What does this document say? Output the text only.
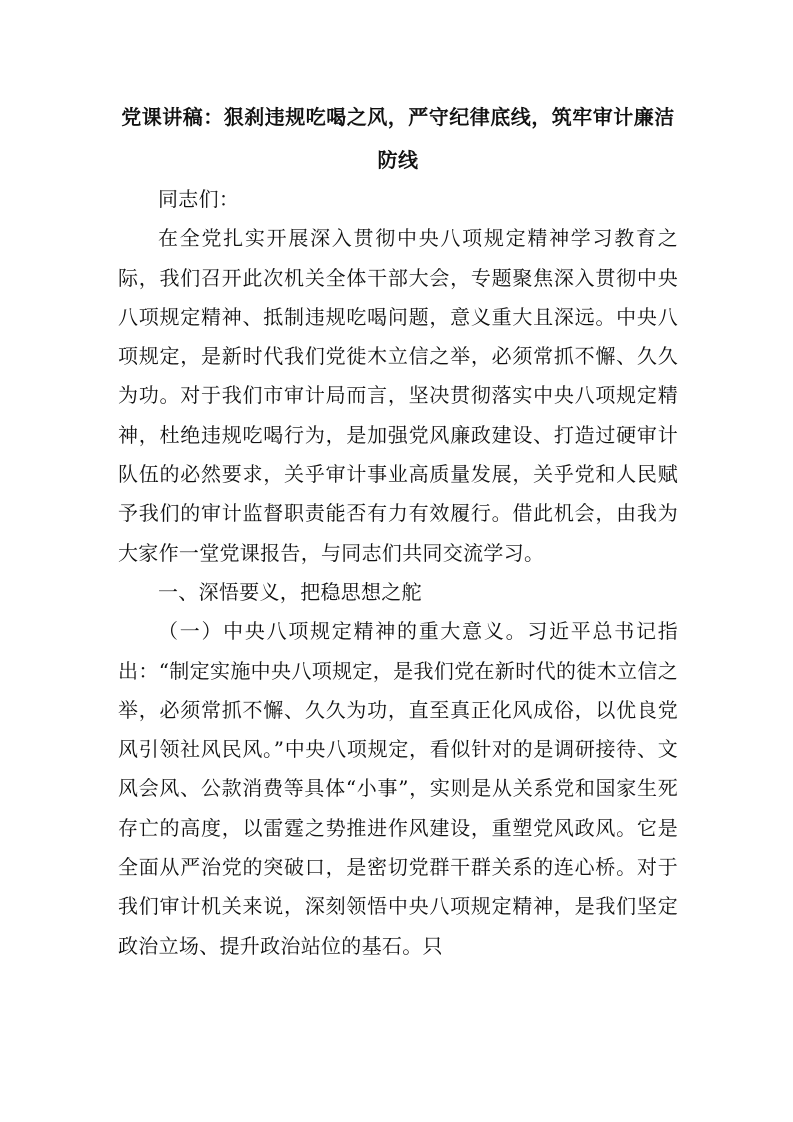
党课讲稿：狠刹违规吃喝之风，严守纪律底线，筑牢审计廉洁防线

同志们：

在全党扎实开展深入贯彻中央八项规定精神学习教育之际，我们召开此次机关全体干部大会，专题聚焦深入贯彻中央八项规定精神、抵制违规吃喝问题，意义重大且深远。中央八项规定，是新时代我们党徙木立信之举，必须常抓不懈、久久为功。对于我们市审计局而言，坚决贯彻落实中央八项规定精神，杜绝违规吃喝行为，是加强党风廉政建设、打造过硬审计队伍的必然要求，关乎审计事业高质量发展，关乎党和人民赋予我们的审计监督职责能否有力有效履行。借此机会，由我为大家作一堂党课报告，与同志们共同交流学习。

一、深悟要义，把稳思想之舵

（一）中央八项规定精神的重大意义。习近平总书记指出：“制定实施中央八项规定，是我们党在新时代的徙木立信之举，必须常抓不懈、久久为功，直至真正化风成俗，以优良党风引领社风民风。”中央八项规定，看似针对的是调研接待、文风会风、公款消费等具体“小事”，实则是从关系党和国家生死存亡的高度，以雷霆之势推进作风建设，重塑党风政风。它是全面从严治党的突破口，是密切党群干群关系的连心桥。对于我们审计机关来说，深刻领悟中央八项规定精神，是我们坚定政治立场、提升政治站位的基石。只
